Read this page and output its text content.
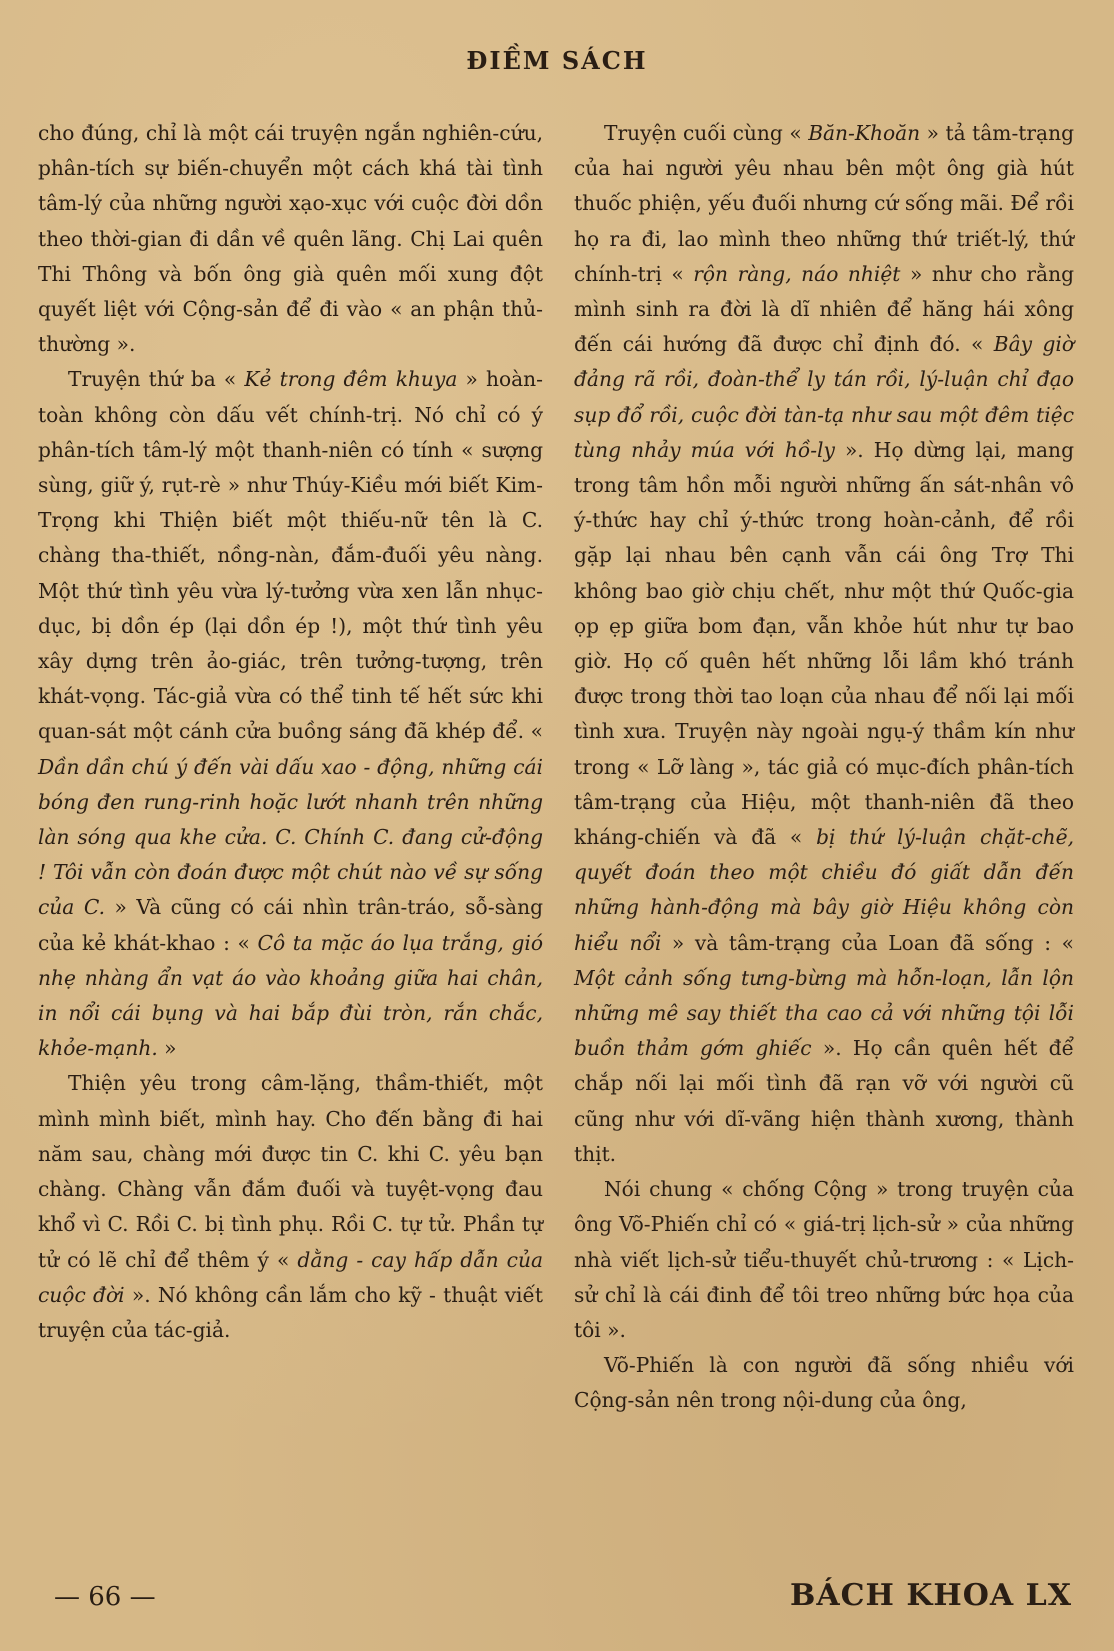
ĐIỀM SÁCH

cho đúng, chỉ là một cái truyện ngắn nghiên-cứu, phân-tích sự biến-chuyển một cách khá tài tình tâm-lý của những người xạo-xục với cuộc đời dồn theo thời-gian đi dần về quên lãng. Chị Lai quên Thi Thông và bốn ông già quên mối xung đột quyết liệt với Cộng-sản để đi vào « an phận thủ-thường ».

Truyện thứ ba « Kẻ trong đêm khuya » hoàn-toàn không còn dấu vết chính-trị. Nó chỉ có ý phân-tích tâm-lý một thanh-niên có tính « sượng sùng, giữ ý, rụt-rè » như Thúy-Kiều mới biết Kim-Trọng khi Thiện biết một thiếu-nữ tên là C. chàng tha-thiết, nồng-nàn, đắm-đuối yêu nàng. Một thứ tình yêu vừa lý-tưởng vừa xen lẫn nhục-dục, bị dồn ép (lại dồn ép !), một thứ tình yêu xây dựng trên ảo-giác, trên tưởng-tượng, trên khát-vọng. Tác-giả vừa có thể tinh tế hết sức khi quan-sát một cánh cửa buồng sáng đã khép để. « Dần dần chú ý đến vài dấu xao - động, những cái bóng đen rung-rinh hoặc lướt nhanh trên những làn sóng qua khe cửa. C. Chính C. đang cử-động ! Tôi vẫn còn đoán được một chút nào về sự sống của C. » Và cũng có cái nhìn trân-tráo, sỗ-sàng của kẻ khát-khao : « Cô ta mặc áo lụa trắng, gió nhẹ nhàng ẩn vạt áo vào khoảng giữa hai chân, in nổi cái bụng và hai bắp đùi tròn, rắn chắc, khỏe-mạnh. »

Thiện yêu trong câm-lặng, thầm-thiết, một mình mình biết, mình hay. Cho đến bằng đi hai năm sau, chàng mới được tin C. khi C. yêu bạn chàng. Chàng vẫn đắm đuối và tuyệt-vọng đau khổ vì C. Rồi C. bị tình phụ. Rồi C. tự tử. Phần tự tử có lẽ chỉ để thêm ý « dằng - cay hấp dẫn của cuộc đời ». Nó không cần lắm cho kỹ - thuật viết truyện của tác-giả.

Truyện cuối cùng « Băn-Khoăn » tả tâm-trạng của hai người yêu nhau bên một ông già hút thuốc phiện, yếu đuối nhưng cứ sống mãi. Để rồi họ ra đi, lao mình theo những thứ triết-lý, thứ chính-trị « rộn ràng, náo nhiệt » như cho rằng mình sinh ra đời là dĩ nhiên để hăng hái xông đến cái hướng đã được chỉ định đó. « Bây giờ đảng rã rồi, đoàn-thể ly tán rồi, lý-luận chỉ đạo sụp đổ rồi, cuộc đời tàn-tạ như sau một đêm tiệc tùng nhảy múa với hồ-ly ». Họ dừng lại, mang trong tâm hồn mỗi người những ấn sát-nhân vô ý-thức hay chỉ ý-thức trong hoàn-cảnh, để rồi gặp lại nhau bên cạnh vẫn cái ông Trợ Thi không bao giờ chịu chết, như một thứ Quốc-gia ọp ẹp giữa bom đạn, vẫn khỏe hút như tự bao giờ. Họ cố quên hết những lỗi lầm khó tránh được trong thời tao loạn của nhau để nối lại mối tình xưa. Truyện này ngoài ngụ-ý thầm kín như trong « Lỡ làng », tác giả có mục-đích phân-tích tâm-trạng của Hiệu, một thanh-niên đã theo kháng-chiến và đã « bị thứ lý-luận chặt-chẽ, quyết đoán theo một chiều đó giất dẫn đến những hành-động mà bây giờ Hiệu không còn hiểu nổi » và tâm-trạng của Loan đã sống : « Một cảnh sống tưng-bừng mà hỗn-loạn, lẫn lộn những mê say thiết tha cao cả với những tội lỗi buồn thảm gớm ghiếc ». Họ cần quên hết để chắp nối lại mối tình đã rạn vỡ với người cũ cũng như với dĩ-vãng hiện thành xương, thành thịt.

Nói chung « chống Cộng » trong truyện của ông Võ-Phiến chỉ có « giá-trị lịch-sử » của những nhà viết lịch-sử tiểu-thuyết chủ-trương : « Lịch-sử chỉ là cái đinh để tôi treo những bức họa của tôi ».

Võ-Phiến là con người đã sống nhiều với Cộng-sản nên trong nội-dung của ông,

— 66 —	BÁCH KHOA LX
